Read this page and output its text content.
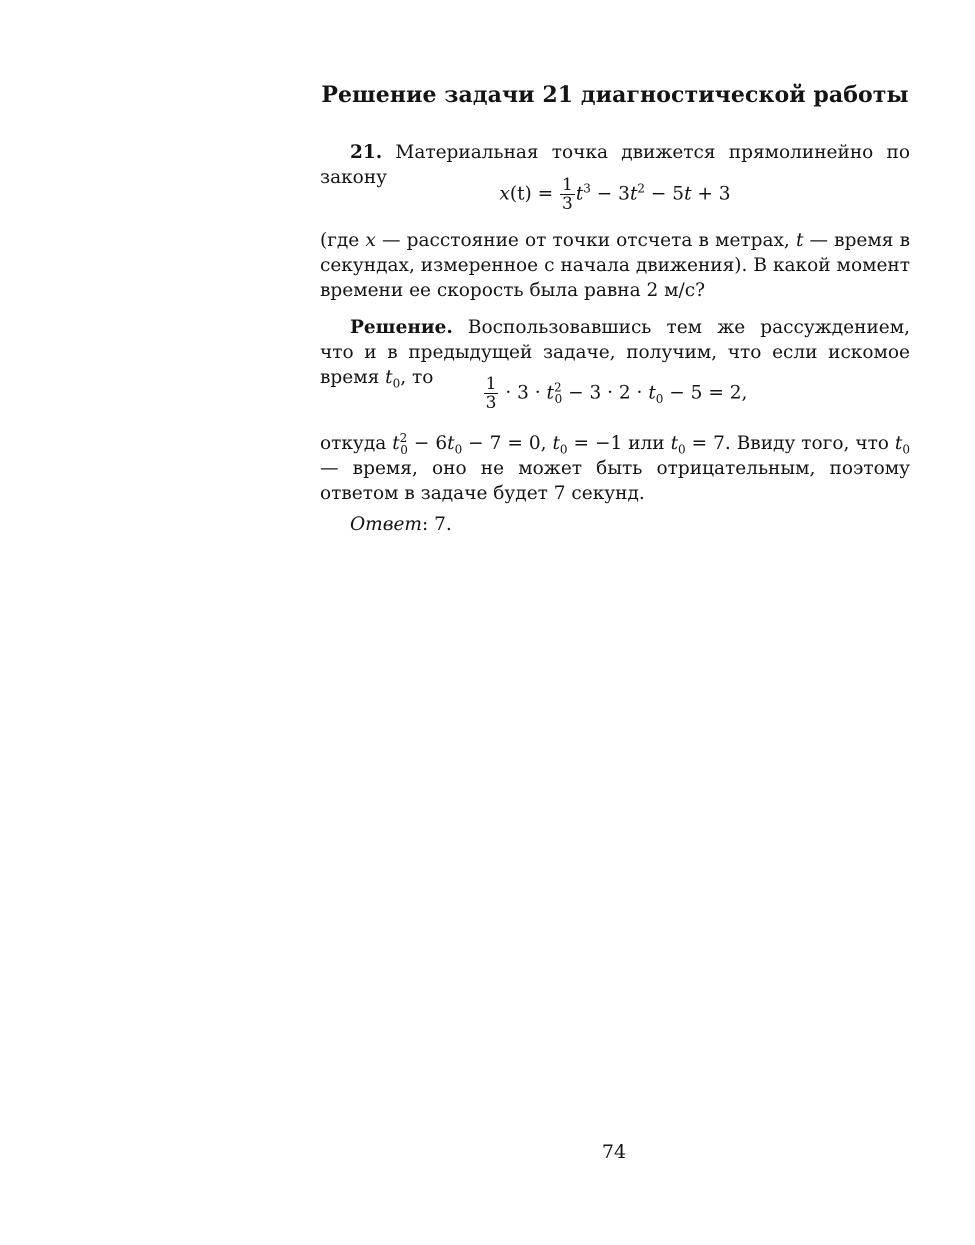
Решение задачи 21 диагностической работы

21. Материальная точка движется прямолинейно по закону

$x(t) = \frac{1}{3} t^3 - 3t^2 - 5t + 3$

(где x — расстояние от точки отсчета в метрах, t — время в секундах, измеренное с начала движения). В какой момент времени ее скорость была равна 2 м/с?

Решение. Воспользовавшись тем же рассуждением, что и в предыдущей задаче, получим, что если искомое время $t_0$, то	$\frac{1}{3} \cdot 3 \cdot t^2_0 - 3 \cdot 2 \cdot t_0 - 5 = 2$,

откуда $t^2_0 - 6t_0 - 7 = 0$, $t_0 = -1$ или $t_0 = 7$. Ввиду того, что $t_0$ — время, оно не может быть отрицательным, поэтому ответом в задаче будет 7 секунд.

Ответ: 7.

74
